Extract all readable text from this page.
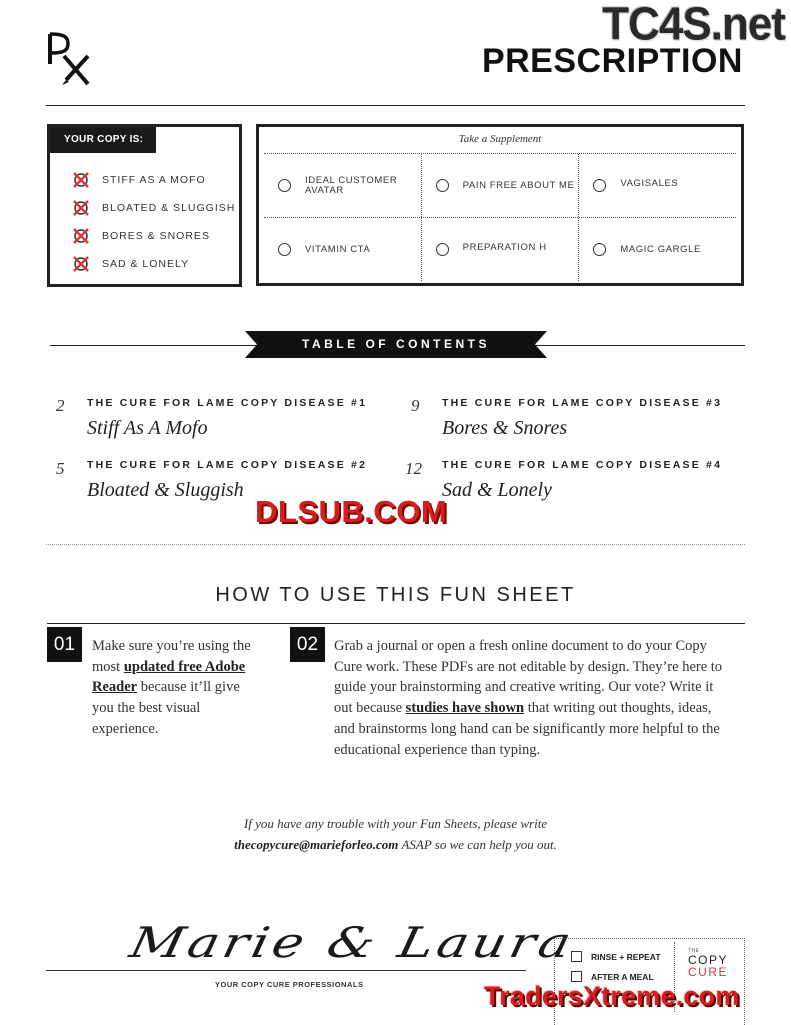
TC4S.net
PRESCRIPTION
YOUR COPY IS:
STIFF AS A MOFO
BLOATED & SLUGGISH
BORES & SNORES
SAD & LONELY
Take a Supplement
IDEAL CUSTOMER
AVATAR	PAIN FREE ABOUT ME	VAGISALES
VITAMIN CTA	PREPARATION H	MAGIC GARGLE
TABLE OF CONTENTS
2 THE CURE FOR LAME COPY DISEASE #1
Stiff As A Mofo
9 THE CURE FOR LAME COPY DISEASE #3
Bores & Snores
5 THE CURE FOR LAME COPY DISEASE #2
Bloated & Sluggish
12 THE CURE FOR LAME COPY DISEASE #4
Sad & Lonely
DLSUB.COM
HOW TO USE THIS FUN SHEET
01	Make sure you’re using the most updated free Adobe Reader because it’ll give you the best visual experience.
02	Grab a journal or open a fresh online document to do your Copy Cure work. These PDFs are not editable by design. They’re here to guide your brainstorming and creative writing. Our vote? Write it out because studies have shown that writing out thoughts, ideas, and brainstorms long hand can be significantly more helpful to the educational experience than typing.
If you have any trouble with your Fun Sheets, please write
thecopycure@marieforleo.com ASAP so we can help you out.
Marie & Laura
YOUR COPY CURE PROFESSIONALS
RINSE + REPEAT
AFTER A MEAL
THE
COPY
CURE
TradersXtreme.com
